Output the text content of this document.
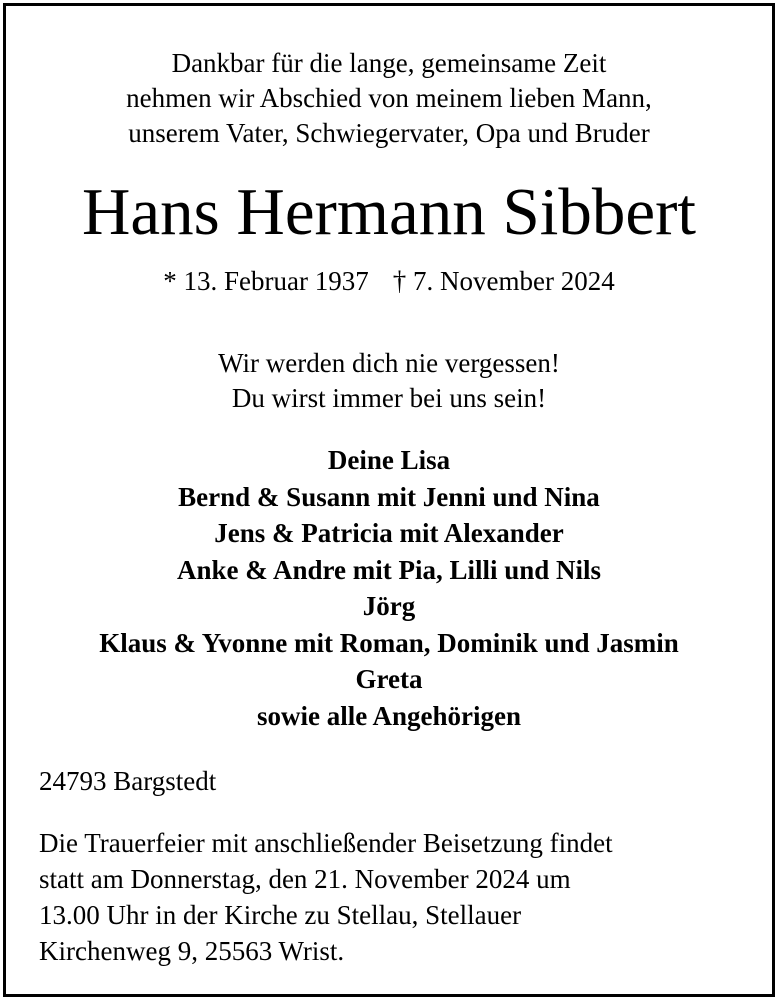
Dankbar für die lange, gemeinsame Zeit
nehmen wir Abschied von meinem lieben Mann,
unserem Vater, Schwiegervater, Opa und Bruder
Hans Hermann Sibbert
* 13. Februar 1937 † 7. November 2024
Wir werden dich nie vergessen!
Du wirst immer bei uns sein!
Deine Lisa
Bernd & Susann mit Jenni und Nina
Jens & Patricia mit Alexander
Anke & Andre mit Pia, Lilli und Nils
Jörg
Klaus & Yvonne mit Roman, Dominik und Jasmin
Greta
sowie alle Angehörigen
24793 Bargstedt
Die Trauerfeier mit anschließender Beisetzung findet
statt am Donnerstag, den 21. November 2024 um
13.00 Uhr in der Kirche zu Stellau, Stellauer
Kirchenweg 9, 25563 Wrist.
